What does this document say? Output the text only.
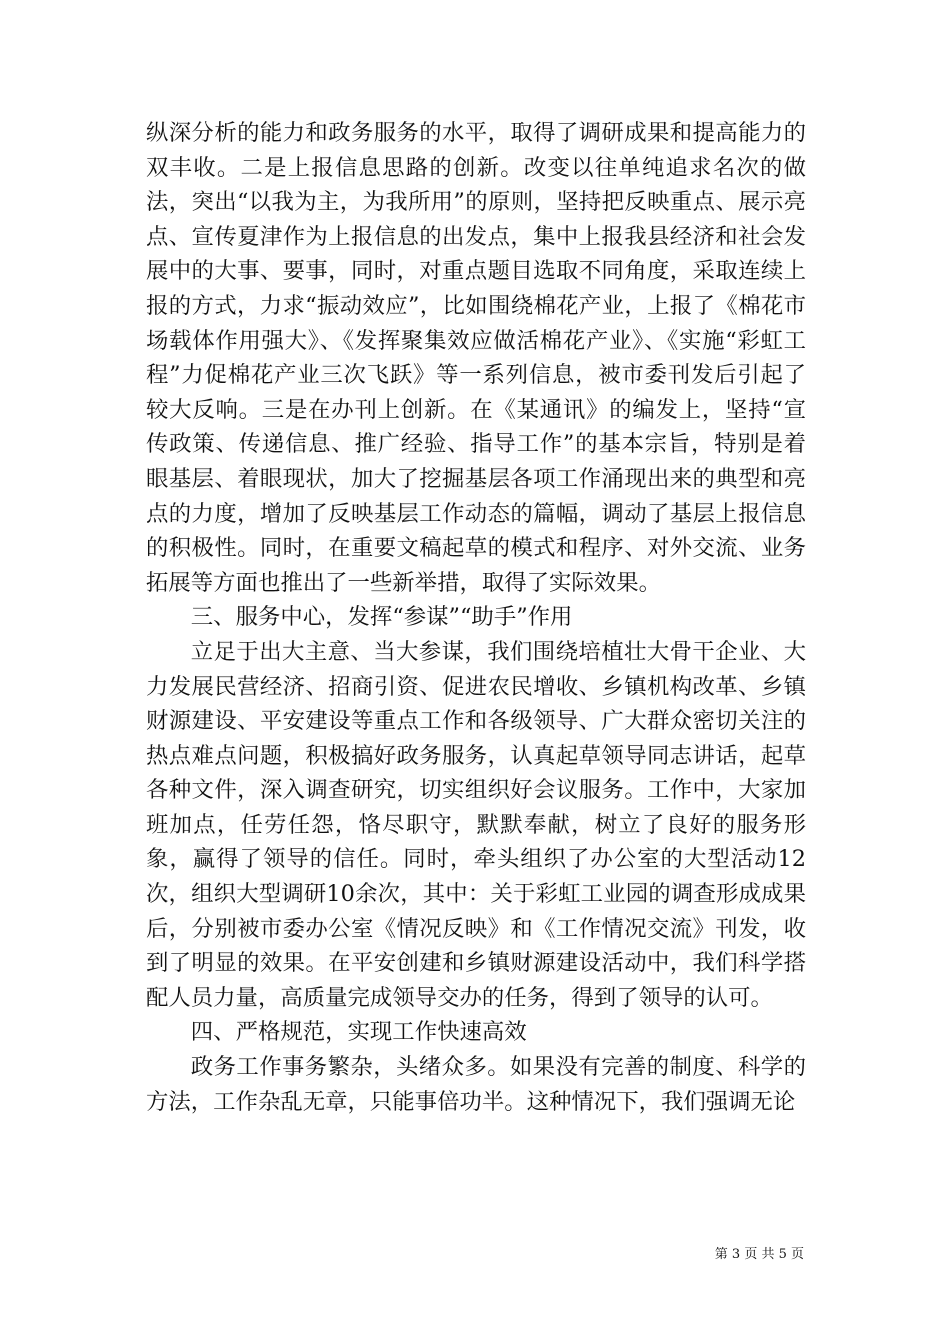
纵深分析的能力和政务服务的水平，取得了调研成果和提高能力的双丰收。二是上报信息思路的创新。改变以往单纯追求名次的做法，突出“以我为主，为我所用”的原则，坚持把反映重点、展示亮点、宣传夏津作为上报信息的出发点，集中上报我县经济和社会发展中的大事、要事，同时，对重点题目选取不同角度，采取连续上报的方式，力求“振动效应”，比如围绕棉花产业，上报了《棉花市场载体作用强大》、《发挥聚集效应做活棉花产业》、《实施“彩虹工程”力促棉花产业三次飞跃》等一系列信息，被市委刊发后引起了较大反响。三是在办刊上创新。在《某通讯》的编发上，坚持“宣传政策、传递信息、推广经验、指导工作”的基本宗旨，特别是着眼基层、着眼现状，加大了挖掘基层各项工作涌现出来的典型和亮点的力度，增加了反映基层工作动态的篇幅，调动了基层上报信息的积极性。同时，在重要文稿起草的模式和程序、对外交流、业务拓展等方面也推出了一些新举措，取得了实际效果。

三、服务中心，发挥“参谋”“助手”作用

立足于出大主意、当大参谋，我们围绕培植壮大骨干企业、大力发展民营经济、招商引资、促进农民增收、乡镇机构改革、乡镇财源建设、平安建设等重点工作和各级领导、广大群众密切关注的热点难点问题，积极搞好政务服务，认真起草领导同志讲话，起草各种文件，深入调查研究，切实组织好会议服务。工作中，大家加班加点，任劳任怨，恪尽职守，默默奉献，树立了良好的服务形象，赢得了领导的信任。同时，牵头组织了办公室的大型活动12次，组织大型调研10余次，其中：关于彩虹工业园的调查形成成果后，分别被市委办公室《情况反映》和《工作情况交流》刊发，收到了明显的效果。在平安创建和乡镇财源建设活动中，我们科学搭配人员力量，高质量完成领导交办的任务，得到了领导的认可。

四、严格规范，实现工作快速高效

政务工作事务繁杂，头绪众多。如果没有完善的制度、科学的方法，工作杂乱无章，只能事倍功半。这种情况下，我们强调无论

第 3 页 共 5 页
